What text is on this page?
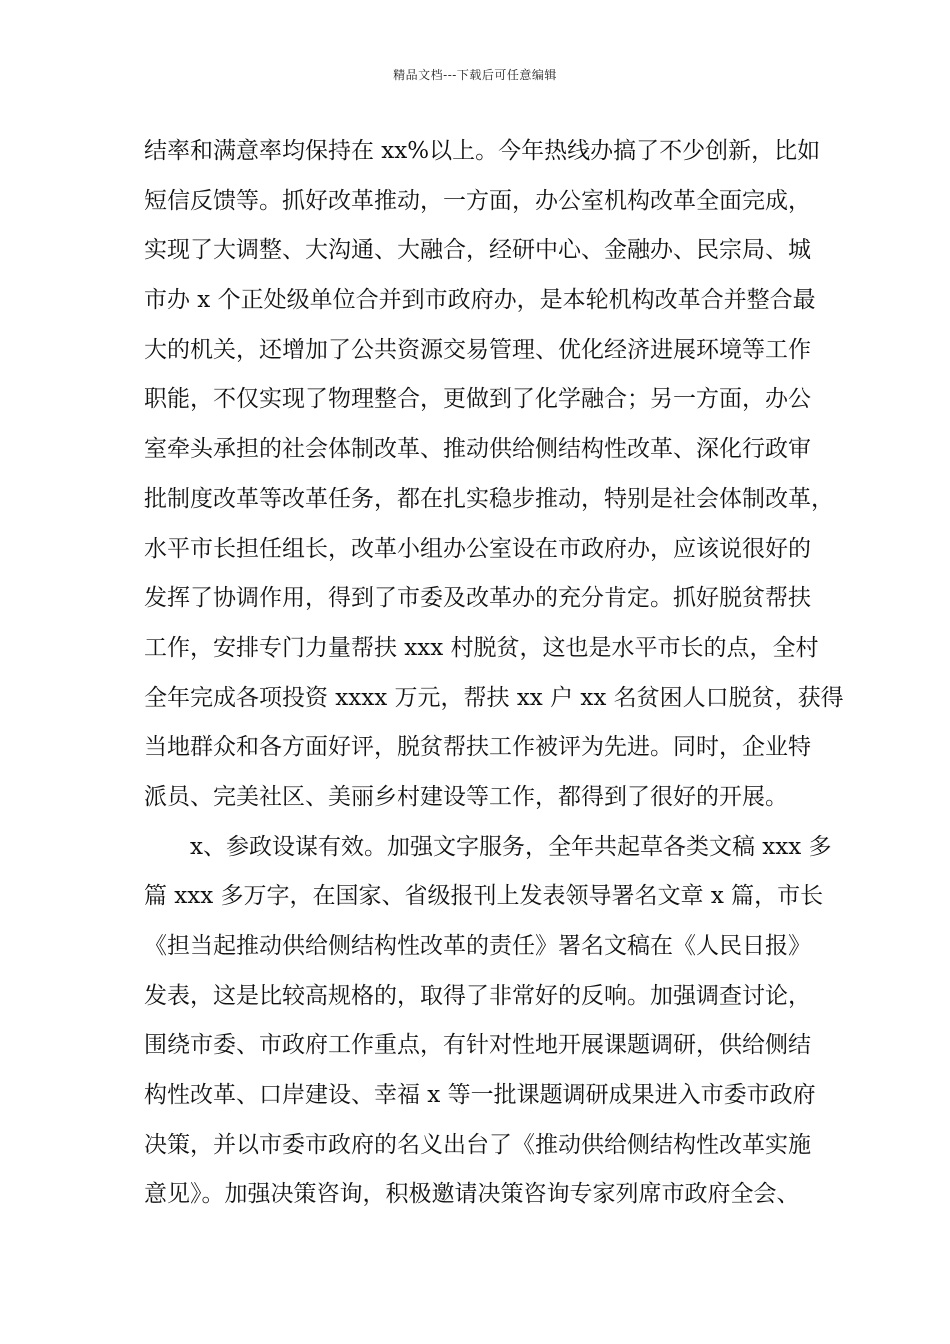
精品文档---下载后可任意编辑
结率和满意率均保持在 xx%以上。今年热线办搞了不少创新，比如
短信反馈等。抓好改革推动，一方面，办公室机构改革全面完成，
实现了大调整、大沟通、大融合，经研中心、金融办、民宗局、城
市办 x 个正处级单位合并到市政府办，是本轮机构改革合并整合最
大的机关，还增加了公共资源交易管理、优化经济进展环境等工作
职能，不仅实现了物理整合，更做到了化学融合；另一方面，办公
室牵头承担的社会体制改革、推动供给侧结构性改革、深化行政审
批制度改革等改革任务，都在扎实稳步推动，特别是社会体制改革，
水平市长担任组长，改革小组办公室设在市政府办，应该说很好的
发挥了协调作用，得到了市委及改革办的充分肯定。抓好脱贫帮扶
工作，安排专门力量帮扶 xxx 村脱贫，这也是水平市长的点，全村
全年完成各项投资 xxxx 万元，帮扶 xx 户 xx 名贫困人口脱贫，获得
当地群众和各方面好评，脱贫帮扶工作被评为先进。同时，企业特
派员、完美社区、美丽乡村建设等工作，都得到了很好的开展。
x、参政设谋有效。加强文字服务，全年共起草各类文稿 xxx 多
篇 xxx 多万字，在国家、省级报刊上发表领导署名文章 x 篇，市长
《担当起推动供给侧结构性改革的责任》署名文稿在《人民日报》
发表，这是比较高规格的，取得了非常好的反响。加强调查讨论，
围绕市委、市政府工作重点，有针对性地开展课题调研，供给侧结
构性改革、口岸建设、幸福 x 等一批课题调研成果进入市委市政府
决策，并以市委市政府的名义出台了《推动供给侧结构性改革实施
意见》。加强决策咨询，积极邀请决策咨询专家列席市政府全会、
